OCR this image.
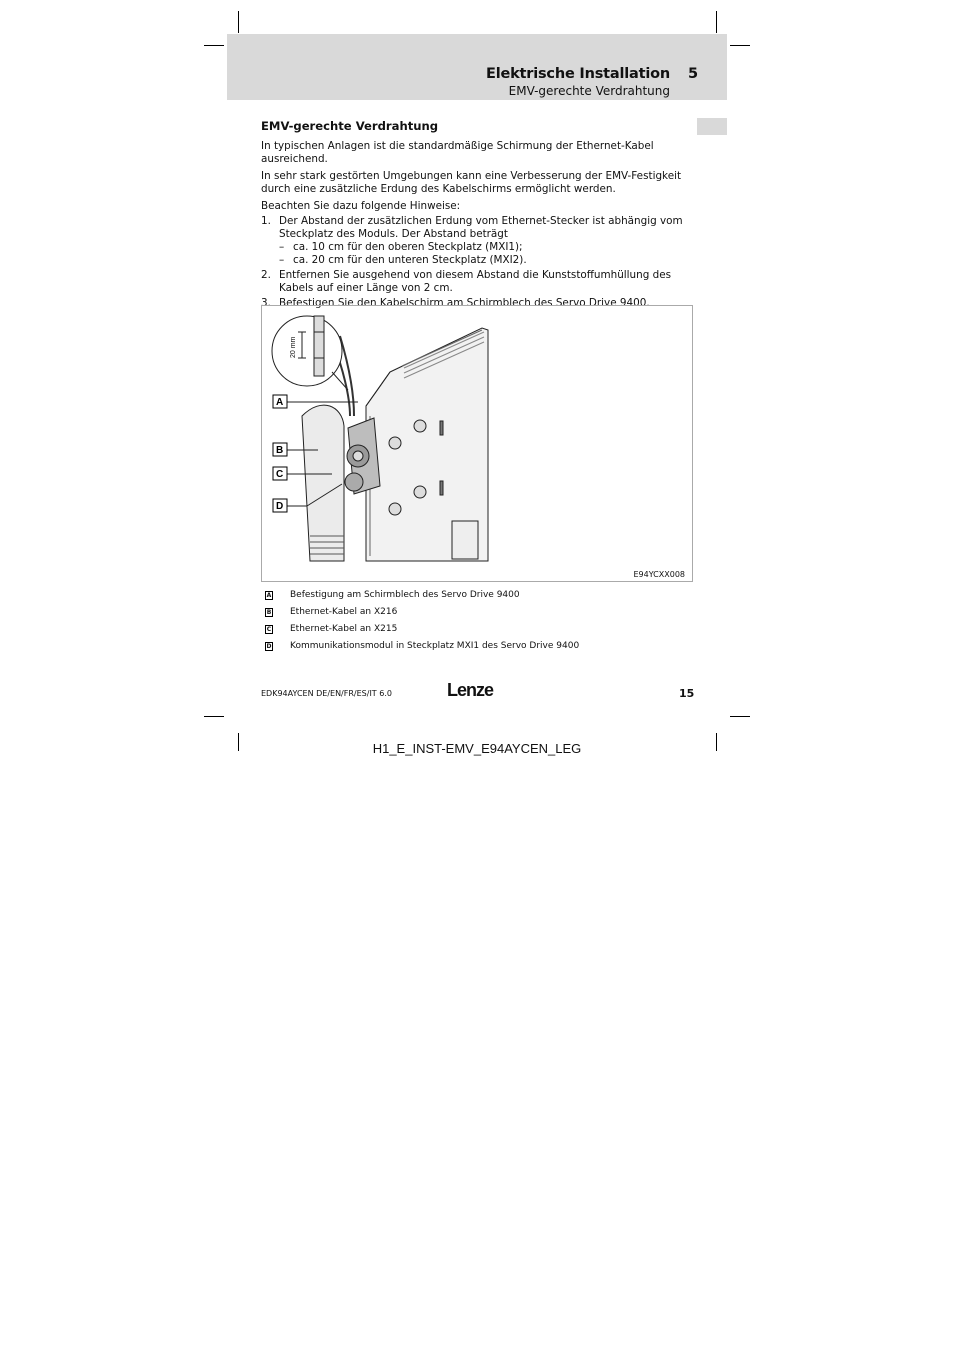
Elektrische Installation 5
EMV-gerechte Verdrahtung
EMV-gerechte Verdrahtung

In typischen Anlagen ist die standardmäßige Schirmung der Ethernet-Kabel ausreichend.

In sehr stark gestörten Umgebungen kann eine Verbesserung der EMV-Festigkeit durch eine zusätzliche Erdung des Kabelschirms ermöglicht werden.

Beachten Sie dazu folgende Hinweise:

1. Der Abstand der zusätzlichen Erdung vom Ethernet-Stecker ist abhängig vom Steckplatz des Moduls. Der Abstand beträgt
– ca. 10 cm für den oberen Steckplatz (MXI1);
– ca. 20 cm für den unteren Steckplatz (MXI2).
2. Entfernen Sie ausgehend von diesem Abstand die Kunststoffumhüllung des Kabels auf einer Länge von 2 cm.
3. Befestigen Sie den Kabelschirm am Schirmblech des Servo Drive 9400.
20 mm
A
B
C
D
E94YCXX008
A Befestigung am Schirmblech des Servo Drive 9400
B Ethernet-Kabel an X216
C Ethernet-Kabel an X215
D Kommunikationsmodul in Steckplatz MXI1 des Servo Drive 9400
EDK94AYCEN DE/EN/FR/ES/IT 6.0	Lenze	15
H1_E_INST-EMV_E94AYCEN_LEG
